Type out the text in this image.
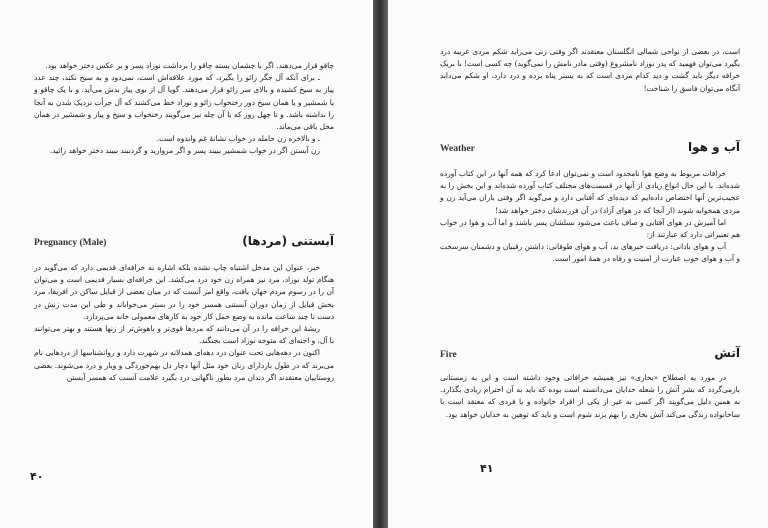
چاقو قرار می‌دهند. اگر با چشمان بسته چاقو را برداشت نوزاد پسر و بر عکس دختر خواهد بود.

ـ برای آنکه آل جگر زائو را بگیرد، که مورد علاقه‌اش است، نمی‌دود و به سیخ نکند، چند عدد پیاز به سیخ کشیده و بالای سر زائو قرار می‌دهند. گویا آل از بوی پیاز بدش می‌آید. و با یک چاقو و یا شمشیر و یا همان سیخ دور رختخواب زائو و نوزاد خط می‌کشند که آل جرأت نزدیک شدن به آنجا را نداشته باشد. و تا چهل روز که با آن چله نیز می‌گویند رختخواب و سیخ و پیاز و شمشیر در همان محل باقی می‌ماند.

ـ و بالاخره زن حامله در خواب نشانهٔ غم واندوه است.

زن آبستن اگر در خواب شمشیر ببیند پسر و اگر مروارید و گردنبند ببیند دختر خواهد زائید.

Pregnancy (Male)	آبستنی (مردها)

خبر، عنوان این مدخل اشتباه چاپ نشده بلکه اشاره به خرافه‌ای قدیمی دارد که می‌گوید در هنگام تولد نوزاد، مرد نیز همراه زن خود درد می‌کشد. این خرافه‌ای بسیار قدیمی است و می‌توان آن را در رسوم مردم جهان یافت، واقع امر آنست که در میان بعضی از قبایل ساکن در افریقا، مرد بخش قبایل از زمان دوران آبستنی همسر خود را در بستر می‌خواباند و طی این مدت زنش در دست تا چند ساعت مانده به وضع حمل کار خود به کارهای معمولی خانه می‌پردازد.

ریشهٔ این خرافه را در آن می‌دانند که مردها قوی‌تر و باهوش‌تر از زنها هستند و بهتر می‌توانند با آل، و اجنه‌ای که متوجه نوزاد است بجنگند.

اکنون در دهه‌هایی تحت عنوان درد دهه‌ای همدلانه در شهرت دارد و روانشناسها از دردهایی نام می‌برند که در طول باردارای زنان خود مثل آنها دچار دل بهم‌خوردگی و ویار و درد می‌شوند. بعضی روستاییان معتقدند اگر دندان مرد بطور ناگهانی درد بگیرد علامت آنست که همسر آبستن

۴۰

است، در بعضی از نواحی شمالی انگلستان معتقدند اگر وقتی زنی می‌زاید شکم مردی غریبه درد بگیرد می‌توان فهمید که پدر نوزاد نامشروع (وقتی مادر نامش را نمی‌گوید) چه کسی است! با بریک خرافه دیگر باید گشت و دید کدام مردی است که به بستر پناه برده و درد دارد، او شکم می‌داند آنگاه می‌توان فاسق را شناخت!

Weather	آب و هوا

خرافات مربوط به وضع هوا نامحدود است و نمی‌توان ادعا کرد که همه آنها در این کتاب آورده شده‌اند. با این حال انواع زیادی از آنها در قسمت‌های مختلف کتاب آورده شده‌اند و این بخش را به عجیب‌ترین آنها اختصاص داده‌ایم که دیده‌ای که آفتابی دارد و می‌گوید اگر وقتی باران می‌آید زن و مردی همخوابه شوند (از آنجا که در هوای آزاد) در آن فرزندشان دختر خواهد شد!

اما آمیزش در هوای آفتابی و صاف باعث می‌شود نسلشان پسر باشند و اما آب و هوا در خواب هم تعبیراتی دارد که عبارتند از:

آب و هوای بادانی: دریافت خبرهای بد، آب و هوای طوفانی: داشتن رقیبان و دشمنان سرسخت و آب و هوای خوب عبارت از امنیت و رفاه در همهٔ امور است.

Fire	آتش

در مورد به اصطلاح «بخاری» نیز همیشه خرافاتی وجود داشته است و این به زمستانی بازمی‌گردد که بشر آتش را شعله خدایان می‌دانسته است بوده که باید به آن احترام زیادی بگذارد. به همین دلیل می‌گویند اگر کسی به غیر از یکی از افراد خانواده و یا فردی که معتقد است با ساخانواده زندگی می‌کند آتش بخاری را بهم بزند شوم است و باید که توهین به خدایان خواهد بود.

۴۱
